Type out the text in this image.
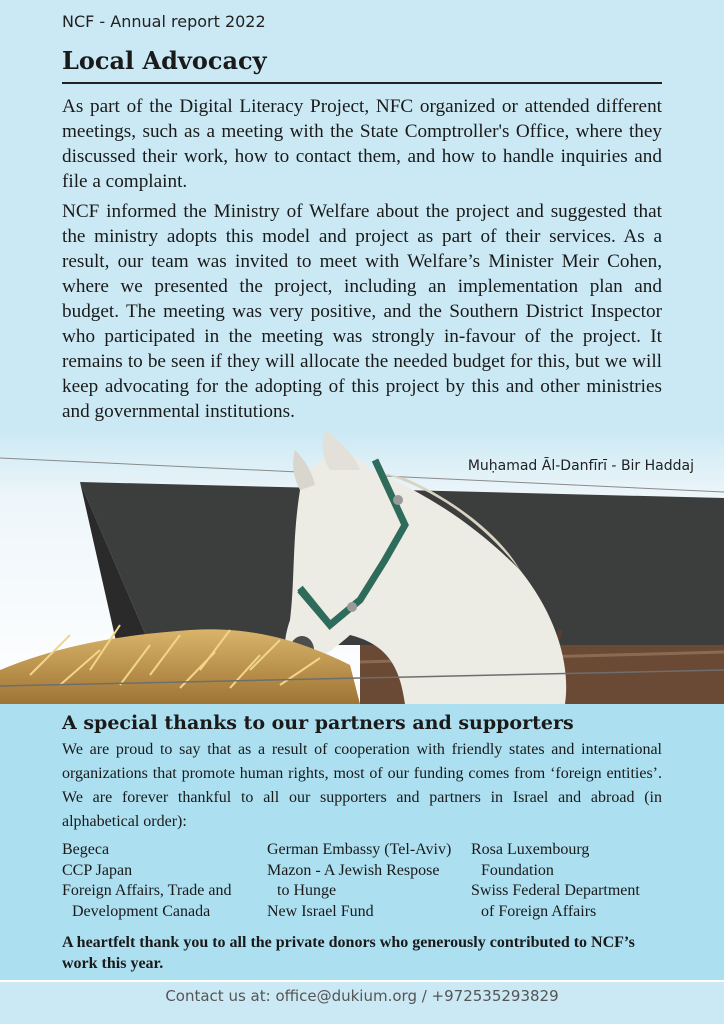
NCF - Annual report 2022
Local Advocacy

As part of the Digital Literacy Project, NFC organized or attended different meetings, such as a meeting with the State Comptroller's Office, where they discussed their work, how to contact them, and how to handle inquiries and file a complaint.

NCF informed the Ministry of Welfare about the project and suggested that the ministry adopts this model and project as part of their services. As a result, our team was invited to meet with Welfare’s Minister Meir Cohen, where we presented the project, including an implementation plan and budget. The meeting was very positive, and the Southern District Inspector who participated in the meeting was strongly in-favour of the project. It remains to be seen if they will allocate the needed budget for this, but we will keep advocating for the adopting of this project by this and other ministries and governmental institutions.

Muḥamad Āl-Danfīrī - Bir Haddaj
A special thanks to our partners and supporters

We are proud to say that as a result of cooperation with friendly states and international organizations that promote human rights, most of our funding comes from ‘foreign entities’. We are forever thankful to all our supporters and partners in Israel and abroad (in alphabetical order):

Begeca
CCP Japan
Foreign Affairs, Trade and
Development Canada
German Embassy (Tel-Aviv)
Mazon - A Jewish Respose
to Hunge
New Israel Fund
Rosa Luxembourg
Foundation
Swiss Federal Department
of Foreign Affairs

A heartfelt thank you to all the private donors who generously contributed to NCF’s work this year.

Contact us at: office@dukium.org / +972535293829
